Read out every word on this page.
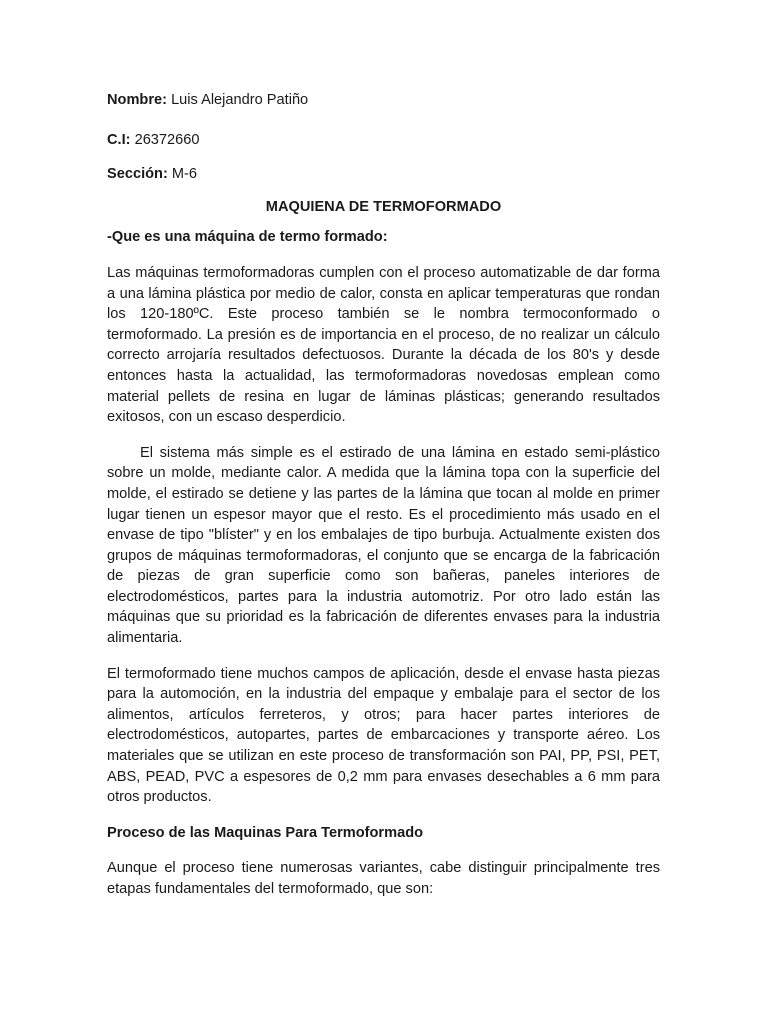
Nombre: Luis Alejandro Patiño
C.I: 26372660
Sección: M-6
MAQUIENA DE TERMOFORMADO
-Que es una máquina de termo formado:

Las máquinas termoformadoras cumplen con el proceso automatizable de dar forma a una lámina plástica por medio de calor, consta en aplicar temperaturas que rondan los 120-180ºC. Este proceso también se le nombra termoconformado o termoformado. La presión es de importancia en el proceso, de no realizar un cálculo correcto arrojaría resultados defectuosos. Durante la década de los 80's y desde entonces hasta la actualidad, las termoformadoras novedosas emplean como material pellets de resina en lugar de láminas plásticas; generando resultados exitosos, con un escaso desperdicio.

El sistema más simple es el estirado de una lámina en estado semi-plástico sobre un molde, mediante calor. A medida que la lámina topa con la superficie del molde, el estirado se detiene y las partes de la lámina que tocan al molde en primer lugar tienen un espesor mayor que el resto. Es el procedimiento más usado en el envase de tipo "blíster" y en los embalajes de tipo burbuja. Actualmente existen dos grupos de máquinas termoformadoras, el conjunto que se encarga de la fabricación de piezas de gran superficie como son bañeras, paneles interiores de electrodomésticos, partes para la industria automotriz. Por otro lado están las máquinas que su prioridad es la fabricación de diferentes envases para la industria alimentaria.

El termoformado tiene muchos campos de aplicación, desde el envase hasta piezas para la automoción, en la industria del empaque y embalaje para el sector de los alimentos, artículos ferreteros, y otros; para hacer partes interiores de electrodomésticos, autopartes, partes de embarcaciones y transporte aéreo. Los materiales que se utilizan en este proceso de transformación son PAI, PP, PSI, PET, ABS, PEAD, PVC a espesores de 0,2 mm para envases desechables a 6 mm para otros productos.

Proceso de las Maquinas Para Termoformado

Aunque el proceso tiene numerosas variantes, cabe distinguir principalmente tres etapas fundamentales del termoformado, que son:
